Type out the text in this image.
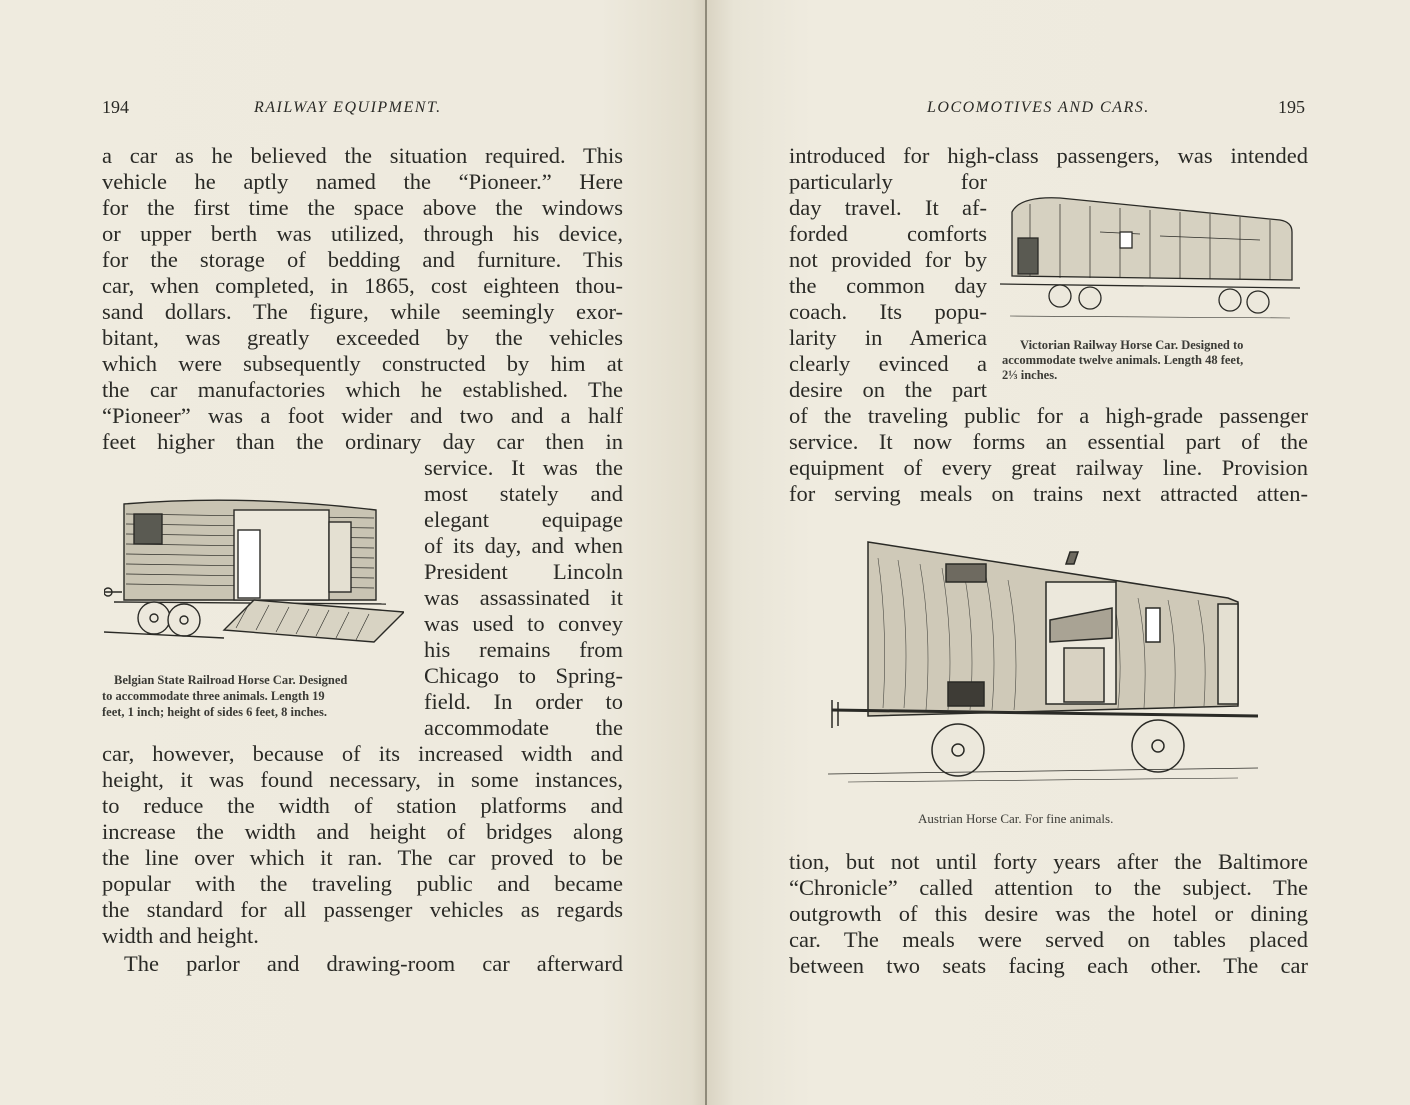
194	RAILWAY EQUIPMENT.
a car as he believed the situation required. This
vehicle he aptly named the “Pioneer.” Here
for the first time the space above the windows
or upper berth was utilized, through his device,
for the storage of bedding and furniture. This
car, when completed, in 1865, cost eighteen thou-
sand dollars. The figure, while seemingly exor-
bitant, was greatly exceeded by the vehicles
which were subsequently constructed by him at
the car manufactories which he established. The
“Pioneer” was a foot wider and two and a half
feet higher than the ordinary day car then in
service. It was the
most stately and
elegant equipage
of its day, and when
President Lincoln
was assassinated it
was used to convey
his remains from
Chicago to Spring-
field. In order to
accommodate the
Belgian State Railroad Horse Car. Designed
to accommodate three animals. Length 19
feet, 1 inch; height of sides 6 feet, 8 inches.
car, however, because of its increased width and
height, it was found necessary, in some instances,
to reduce the width of station platforms and
increase the width and height of bridges along
the line over which it ran. The car proved to be
popular with the traveling public and became
the standard for all passenger vehicles as regards
width and height.
The parlor and drawing-room car afterward
LOCOMOTIVES AND CARS.	195
introduced for high-class passengers, was intended
particularly for
day travel. It af-
forded comforts
not provided for by
the common day
coach. Its popu-
larity in America
clearly evinced a
desire on the part
Victorian Railway Horse Car. Designed to
accommodate twelve animals. Length 48 feet,
2⅓ inches.
of the traveling public for a high-grade passenger
service. It now forms an essential part of the
equipment of every great railway line. Provision
for serving meals on trains next attracted atten-
Austrian Horse Car. For fine animals.
tion, but not until forty years after the Baltimore
“Chronicle” called attention to the subject. The
outgrowth of this desire was the hotel or dining
car. The meals were served on tables placed
between two seats facing each other. The car
